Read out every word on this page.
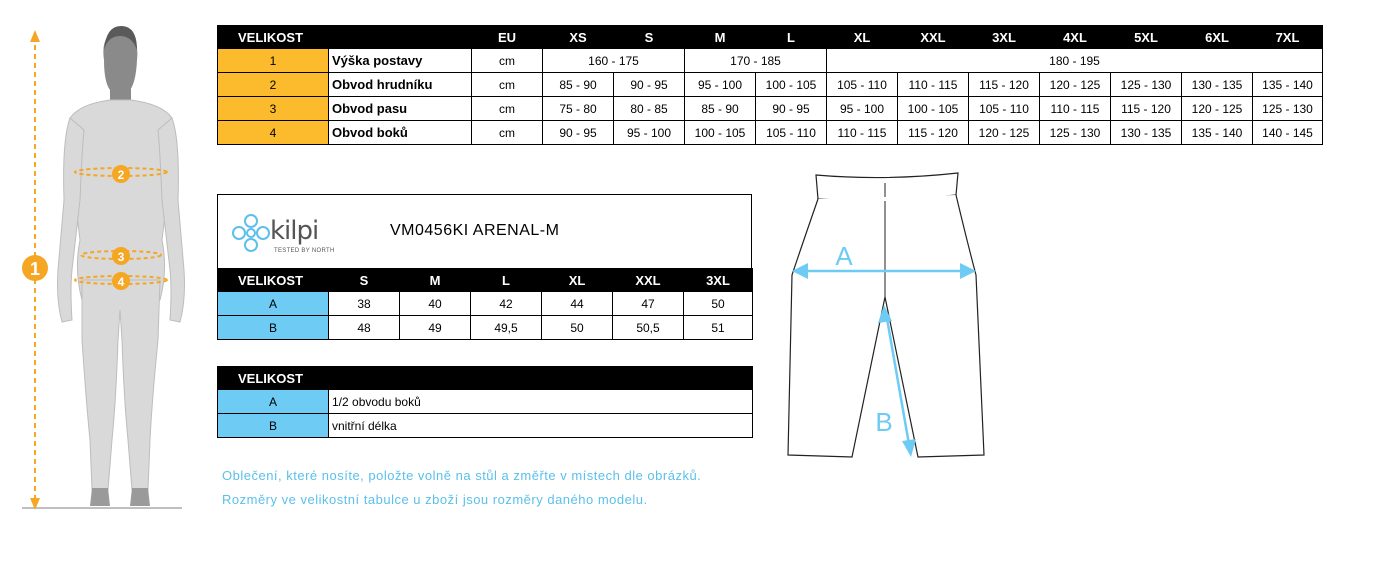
1
2
3
4
VELIKOST		EU	XS	S	M	L	XL	XXL	3XL	4XL	5XL	6XL	7XL
1	Výška postavy	cm	160 - 175		170 - 185		180 - 195						
2	Obvod hrudníku	cm	85 - 90	90 - 95	95 - 100	100 - 105	105 - 110	110 - 115	115 - 120	120 - 125	125 - 130	130 - 135	135 - 140
3	Obvod pasu	cm	75 - 80	80 - 85	85 - 90	90 - 95	95 - 100	100 - 105	105 - 110	110 - 115	115 - 120	120 - 125	125 - 130
4	Obvod boků	cm	90 - 95	95 - 100	100 - 105	105 - 110	110 - 115	115 - 120	120 - 125	125 - 130	130 - 135	135 - 140	140 - 145
kilpi
TESTED BY NORTH
VM0456KI ARENAL-M
VELIKOST	S	M	L	XL	XXL	3XL
A	38	40	42	44	47	50
B	48	49	49,5	50	50,5	51
VELIKOST	
A	1/2 obvodu boků
B	vnitřní délka
Oblečení, které nosíte, položte volně na stůl a změřte v místech dle obrázků.
Rozměry ve velikostní tabulce u zboží jsou rozměry daného modelu.
A
B
